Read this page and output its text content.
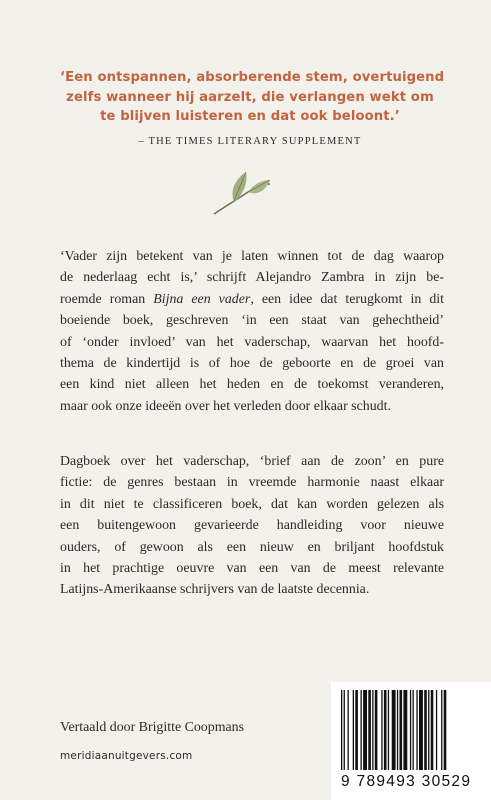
‘Een ontspannen, absorberende stem, overtuigend
zelfs wanneer hij aarzelt, die verlangen wekt om
te blijven luisteren en dat ook beloont.’
– THE TIMES LITERARY SUPPLEMENT
‘Vader zijn betekent van je laten winnen tot de dag waarop
de nederlaag echt is,’ schrijft Alejandro Zambra in zijn be-
roemde roman Bijna een vader, een idee dat terugkomt in dit
boeiende boek, geschreven ‘in een staat van gehechtheid’
of ‘onder invloed’ van het vaderschap, waarvan het hoofd-
thema de kindertijd is of hoe de geboorte en de groei van
een kind niet alleen het heden en de toekomst veranderen,
maar ook onze ideeën over het verleden door elkaar schudt.
Dagboek over het vaderschap, ‘brief aan de zoon’ en pure
fictie: de genres bestaan in vreemde harmonie naast elkaar
in dit niet te classificeren boek, dat kan worden gelezen als
een buitengewoon gevarieerde handleiding voor nieuwe
ouders, of gewoon als een nieuw en briljant hoofdstuk
in het prachtige oeuvre van een van de meest relevante
Latijns-Amerikaanse schrijvers van de laatste decennia.
Vertaald door Brigitte Coopmans
meridiaanuitgevers.com
9 789493 30529
